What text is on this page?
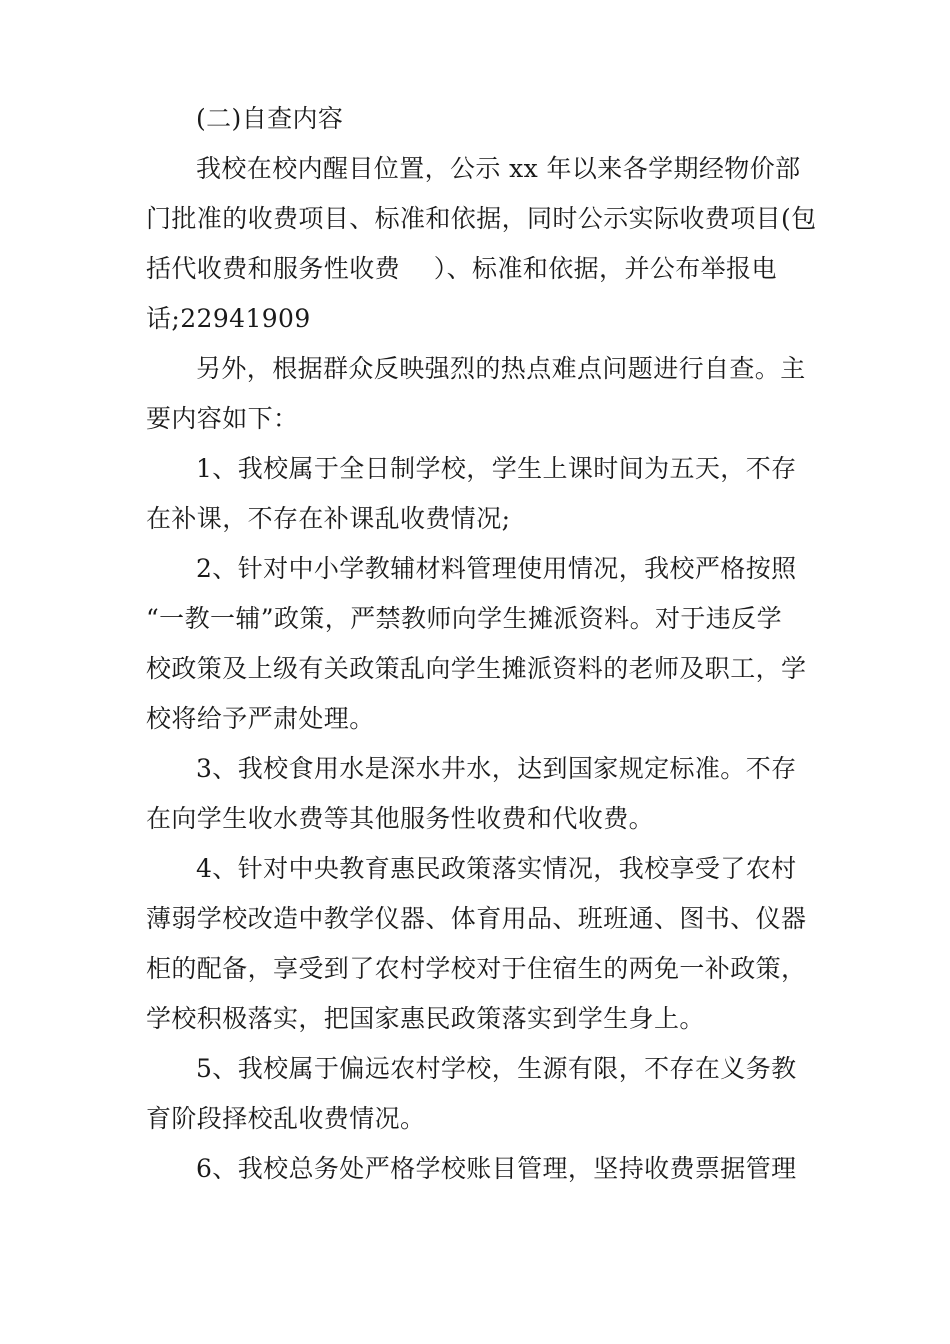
(二)自查内容
我校在校内醒目位置，公示 xx 年以来各学期经物价部
门批准的收费项目、标准和依据，同时公示实际收费项目(包
括代收费和服务性收费　 ）、标准和依据，并公布举报电
话;22941909
另外，根据群众反映强烈的热点难点问题进行自查。主
要内容如下：
1、我校属于全日制学校，学生上课时间为五天，不存
在补课，不存在补课乱收费情况;
2、针对中小学教辅材料管理使用情况，我校严格按照
“一教一辅”政策，严禁教师向学生摊派资料。对于违反学
校政策及上级有关政策乱向学生摊派资料的老师及职工，学
校将给予严肃处理。
3、我校食用水是深水井水，达到国家规定标准。不存
在向学生收水费等其他服务性收费和代收费。
4、针对中央教育惠民政策落实情况，我校享受了农村
薄弱学校改造中教学仪器、体育用品、班班通、图书、仪器
柜的配备，享受到了农村学校对于住宿生的两免一补政策，
学校积极落实，把国家惠民政策落实到学生身上。
5、我校属于偏远农村学校，生源有限，不存在义务教
育阶段择校乱收费情况。
6、我校总务处严格学校账目管理，坚持收费票据管理
